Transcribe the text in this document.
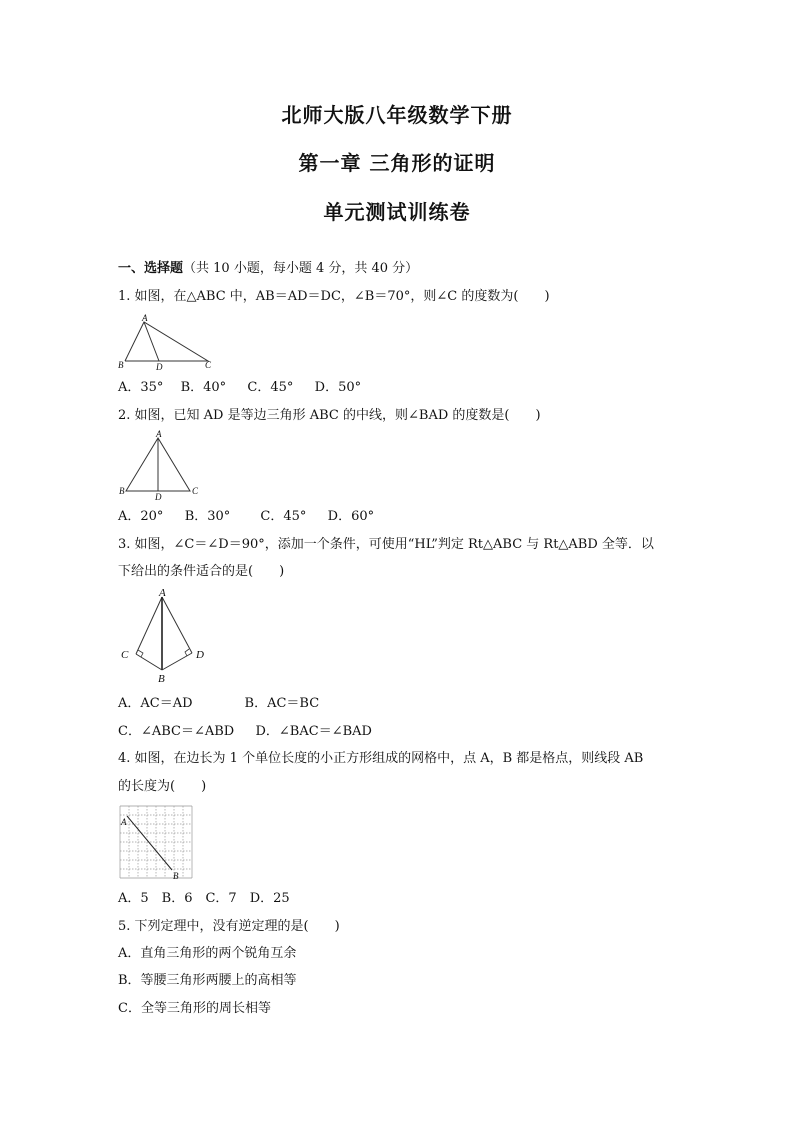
北师大版八年级数学下册
第一章 三角形的证明
单元测试训练卷
一、选择题（共 10 小题，每小题 4 分，共 40 分）
1. 如图，在△ABC 中，AB＝AD＝DC，∠B＝70°，则∠C 的度数为(　　)
A
B	D	C
A．35°　 B．40°　  C．45°　  D．50°
2. 如图，已知 AD 是等边三角形 ABC 的中线，则∠BAD 的度数是(　　)
A
B
D
C
A．20°　  B．30°　　 C．45°　  D．60°
3. 如图，∠C＝∠D＝90°，添加一个条件，可使用“HL”判定 Rt△ABC 与 Rt△ABD 全等．以
下给出的条件适合的是(　　)
A
C	D
B
A．AC＝AD　　　　B．AC＝BC
C．∠ABC＝∠ABD　  D．∠BAC＝∠BAD
4. 如图，在边长为 1 个单位长度的小正方形组成的网格中，点 A，B 都是格点，则线段 AB
的长度为(　　)
A
B
A．5　B．6　C．7　D．25
5. 下列定理中，没有逆定理的是(　　)
A．直角三角形的两个锐角互余
B．等腰三角形两腰上的高相等
C．全等三角形的周长相等
